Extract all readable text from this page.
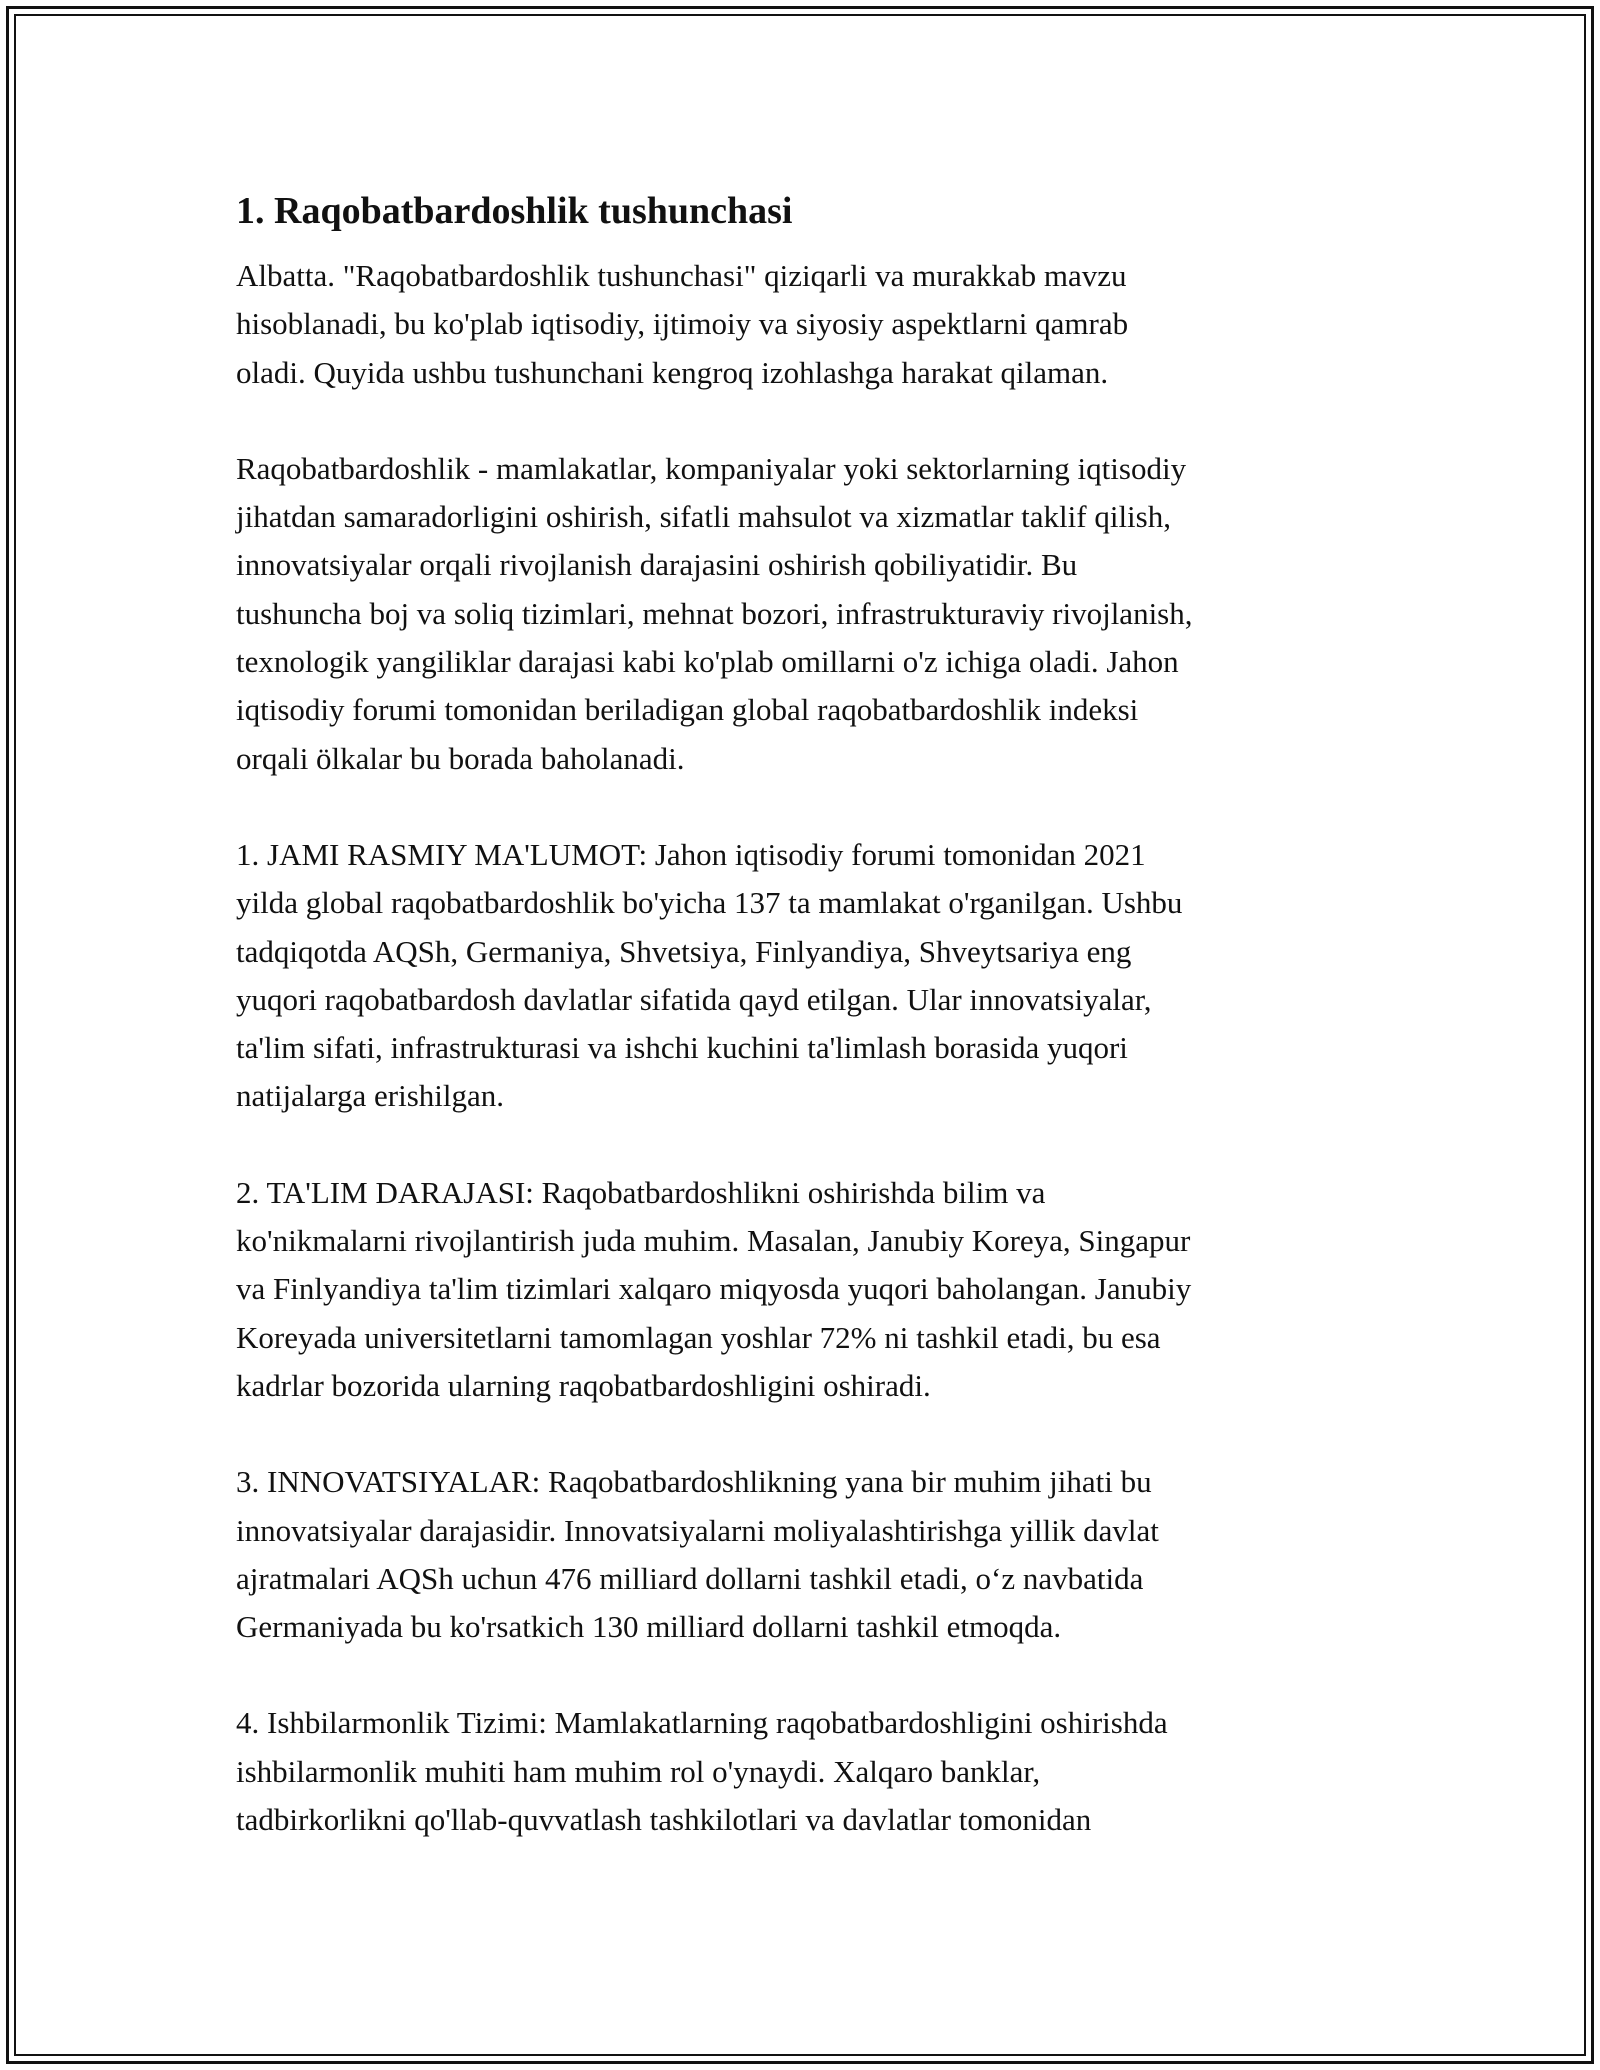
1. Raqobatbardoshlik tushunchasi

Albatta. "Raqobatbardoshlik tushunchasi" qiziqarli va murakkab mavzu
hisoblanadi, bu ko'plab iqtisodiy, ijtimoiy va siyosiy aspektlarni qamrab
oladi. Quyida ushbu tushunchani kengroq izohlashga harakat qilaman.

Raqobatbardoshlik - mamlakatlar, kompaniyalar yoki sektorlarning iqtisodiy
jihatdan samaradorligini oshirish, sifatli mahsulot va xizmatlar taklif qilish,
innovatsiyalar orqali rivojlanish darajasini oshirish qobiliyatidir. Bu
tushuncha boj va soliq tizimlari, mehnat bozori, infrastrukturaviy rivojlanish,
texnologik yangiliklar darajasi kabi ko'plab omillarni o'z ichiga oladi. Jahon
iqtisodiy forumi tomonidan beriladigan global raqobatbardoshlik indeksi
orqali ölkalar bu borada baholanadi.

1. JAMI RASMIY MA'LUMOT: Jahon iqtisodiy forumi tomonidan 2021
yilda global raqobatbardoshlik bo'yicha 137 ta mamlakat o'rganilgan. Ushbu
tadqiqotda AQSh, Germaniya, Shvetsiya, Finlyandiya, Shveytsariya eng
yuqori raqobatbardosh davlatlar sifatida qayd etilgan. Ular innovatsiyalar,
ta'lim sifati, infrastrukturasi va ishchi kuchini ta'limlash borasida yuqori
natijalarga erishilgan.

2. TA'LIM DARAJASI: Raqobatbardoshlikni oshirishda bilim va
ko'nikmalarni rivojlantirish juda muhim. Masalan, Janubiy Koreya, Singapur
va Finlyandiya ta'lim tizimlari xalqaro miqyosda yuqori baholangan. Janubiy
Koreyada universitetlarni tamomlagan yoshlar 72% ni tashkil etadi, bu esa
kadrlar bozorida ularning raqobatbardoshligini oshiradi.

3. INNOVATSIYALAR: Raqobatbardoshlikning yana bir muhim jihati bu
innovatsiyalar darajasidir. Innovatsiyalarni moliyalashtirishga yillik davlat
ajratmalari AQSh uchun 476 milliard dollarni tashkil etadi, o‘z navbatida
Germaniyada bu ko'rsatkich 130 milliard dollarni tashkil etmoqda.

4. Ishbilarmonlik Tizimi: Mamlakatlarning raqobatbardoshligini oshirishda
ishbilarmonlik muhiti ham muhim rol o'ynaydi. Xalqaro banklar,
tadbirkorlikni qo'llab-quvvatlash tashkilotlari va davlatlar tomonidan
